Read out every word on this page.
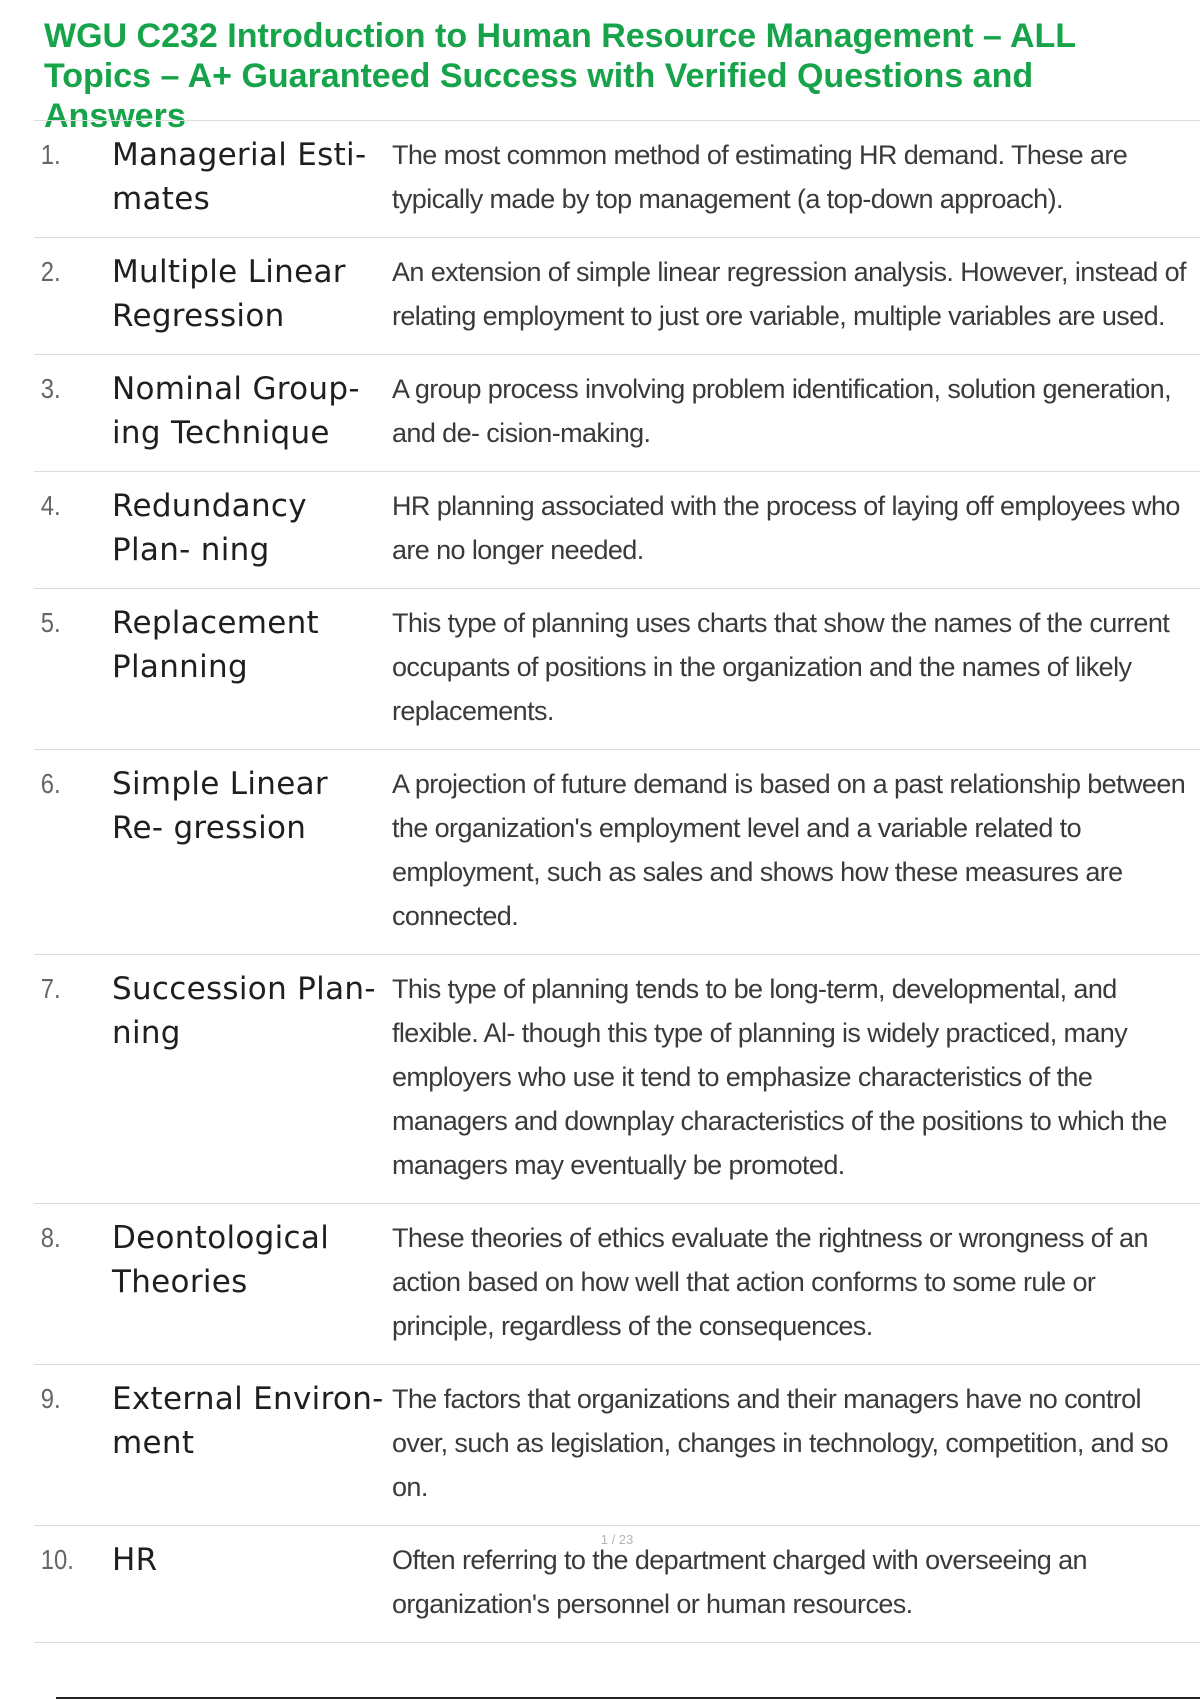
WGU C232 Introduction to Human Resource Management – ALL Topics – A+ Guaranteed Success with Verified Questions and Answers
1.	Managerial Esti- mates
The most common method of estimating HR demand. These are typically made by top management (a top-down approach).
2.	Multiple Linear Regression
An extension of simple linear regression analysis. However, instead of relating employment to just ore variable, multiple variables are used.
3.	Nominal Group- ing Technique
A group process involving problem identification, solution generation, and de- cision-making.
4.	Redundancy Plan- ning
HR planning associated with the process of laying off employees who are no longer needed.
5.	Replacement Planning
This type of planning uses charts that show the names of the current occupants of positions in the organization and the names of likely replacements.
6.	Simple Linear Re- gression
A projection of future demand is based on a past relationship between the organization's employment level and a variable related to employment, such as sales and shows how these measures are connected.
7.	Succession Plan- ning
This type of planning tends to be long-term, developmental, and flexible. Al- though this type of planning is widely practiced, many employers who use it tend to emphasize characteristics of the managers and downplay characteristics of the positions to which the managers may eventually be promoted.
8.	Deontological Theories
These theories of ethics evaluate the rightness or wrongness of an action based on how well that action conforms to some rule or principle, regardless of the consequences.
9.	External Environ- ment
The factors that organizations and their managers have no control over, such as legislation, changes in technology, competition, and so on.
10.	HR	Often referring to the department charged with overseeing an organization's personnel or human resources.
1 / 23
